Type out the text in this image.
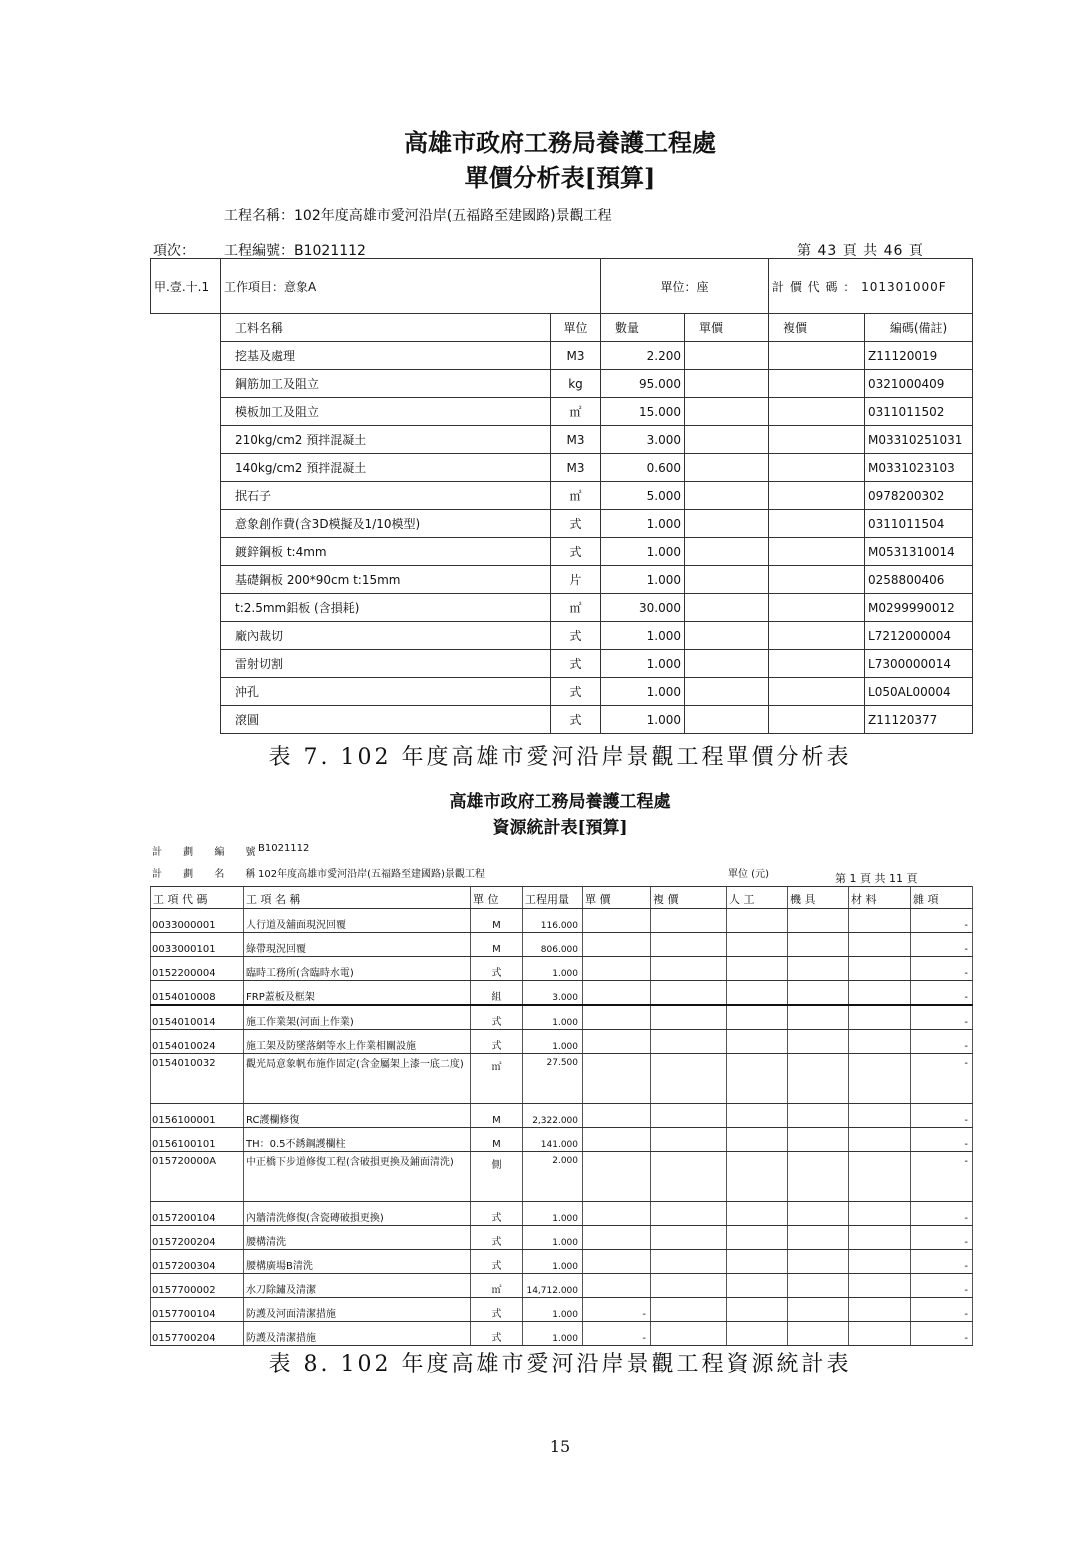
高雄市政府工務局養護工程處
單價分析表[預算]
工程名稱：102年度高雄市愛河沿岸(五福路至建國路)景觀工程
項次： 工程編號：B1021112	第 43 頁 共 46 頁
甲.壹.十.1	工作項目：意象A		單位：座		計 價 代 碼 ： 101301000F	
	工料名稱	單位	數量	單價	複價	編碼(備註)
	挖基及處理	M3	2.200			Z11120019
	鋼筋加工及阻立	kg	95.000			0321000409
	模板加工及阻立	㎡	15.000			0311011502
	210kg/cm2 預拌混凝土	M3	3.000			M03310251031
	140kg/cm2 預拌混凝土	M3	0.600			M0331023103
	抿石子	㎡	5.000			0978200302
	意象創作費(含3D模擬及1/10模型)	式	1.000			0311011504
	鍍鋅鋼板 t:4mm	式	1.000			M0531310014
	基礎鋼板 200*90cm t:15mm	片	1.000			0258800406
	t:2.5mm鋁板 (含損耗)	㎡	30.000			M0299990012
	廠內裁切	式	1.000			L7212000004
	雷射切割	式	1.000			L7300000014
	沖孔	式	1.000			L050AL00004
	滾圓	式	1.000			Z11120377
表 7. 102 年度高雄市愛河沿岸景觀工程單價分析表
高雄市政府工務局養護工程處
資源統計表[預算]
計 劃 編 號
B1021112
計 劃 名 稱
102年度高雄市愛河沿岸(五福路至建國路)景觀工程	單位 (元)	第 1 頁 共 11 頁
工 項 代 碼	工 項 名 稱	單 位	工程用量	單 價	複 價	人 工	機 具	材 料	雜 項

0033000001	人行道及舖面現況回覆	M	116.000						-
0033000101	綠帶現況回覆	M	806.000						-
0152200004	臨時工務所(含臨時水電)	式	1.000						-
0154010008	FRP蓋板及框架	組	3.000						-
0154010014	施工作業架(河面上作業)	式	1.000						-
0154010024	施工架及防墜落網等水上作業相關設施	式	1.000						-
0154010032	觀光局意象帆布施作固定(含金屬架上漆一底二度)	㎡	27.500						-
0156100001	RC護欄修復	M	2,322.000						-
0156100101	TH：0.5不銹鋼護欄柱	M	141.000						-
015720000A	中正橋下步道修復工程(含破損更換及鋪面清洗)	側	2.000						-
0157200104	內牆清洗修復(含瓷磚破損更換)	式	1.000						-
0157200204	腰構清洗	式	1.000						-
0157200304	腰構廣場B清洗	式	1.000						-
0157700002	水刀除鏽及清潔	㎡	14,712.000						-
0157700104	防護及河面清潔措施	式	1.000	-					-
0157700204	防護及清潔措施	式	1.000	-					-
表 8. 102 年度高雄市愛河沿岸景觀工程資源統計表
15
